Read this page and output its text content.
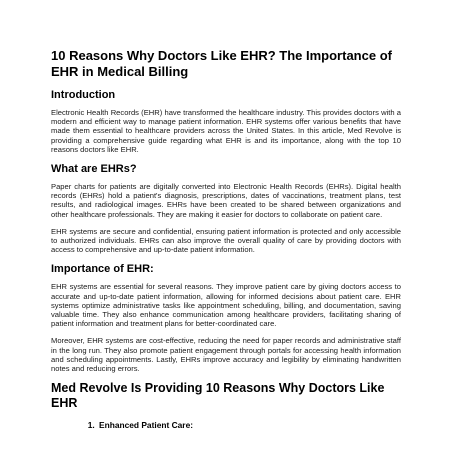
10 Reasons Why Doctors Like EHR? The Importance of EHR in Medical Billing
Introduction

Electronic Health Records (EHR) have transformed the healthcare industry. This provides doctors with a modern and efficient way to manage patient information. EHR systems offer various benefits that have made them essential to healthcare providers across the United States. In this article, Med Revolve is providing a comprehensive guide regarding what EHR is and its importance, along with the top 10 reasons doctors like EHR.

What are EHRs?

Paper charts for patients are digitally converted into Electronic Health Records (EHRs). Digital health records (EHRs) hold a patient's diagnosis, prescriptions, dates of vaccinations, treatment plans, test results, and radiological images. EHRs have been created to be shared between organizations and other healthcare professionals. They are making it easier for doctors to collaborate on patient care.

EHR systems are secure and confidential, ensuring patient information is protected and only accessible to authorized individuals. EHRs can also improve the overall quality of care by providing doctors with access to comprehensive and up-to-date patient information.

Importance of EHR:

EHR systems are essential for several reasons. They improve patient care by giving doctors access to accurate and up-to-date patient information, allowing for informed decisions about patient care. EHR systems optimize administrative tasks like appointment scheduling, billing, and documentation, saving valuable time. They also enhance communication among healthcare providers, facilitating sharing of patient information and treatment plans for better-coordinated care.

Moreover, EHR systems are cost-effective, reducing the need for paper records and administrative staff in the long run. They also promote patient engagement through portals for accessing health information and scheduling appointments. Lastly, EHRs improve accuracy and legibility by eliminating handwritten notes and reducing errors.

Med Revolve Is Providing 10 Reasons Why Doctors Like EHR
1. Enhanced Patient Care:
